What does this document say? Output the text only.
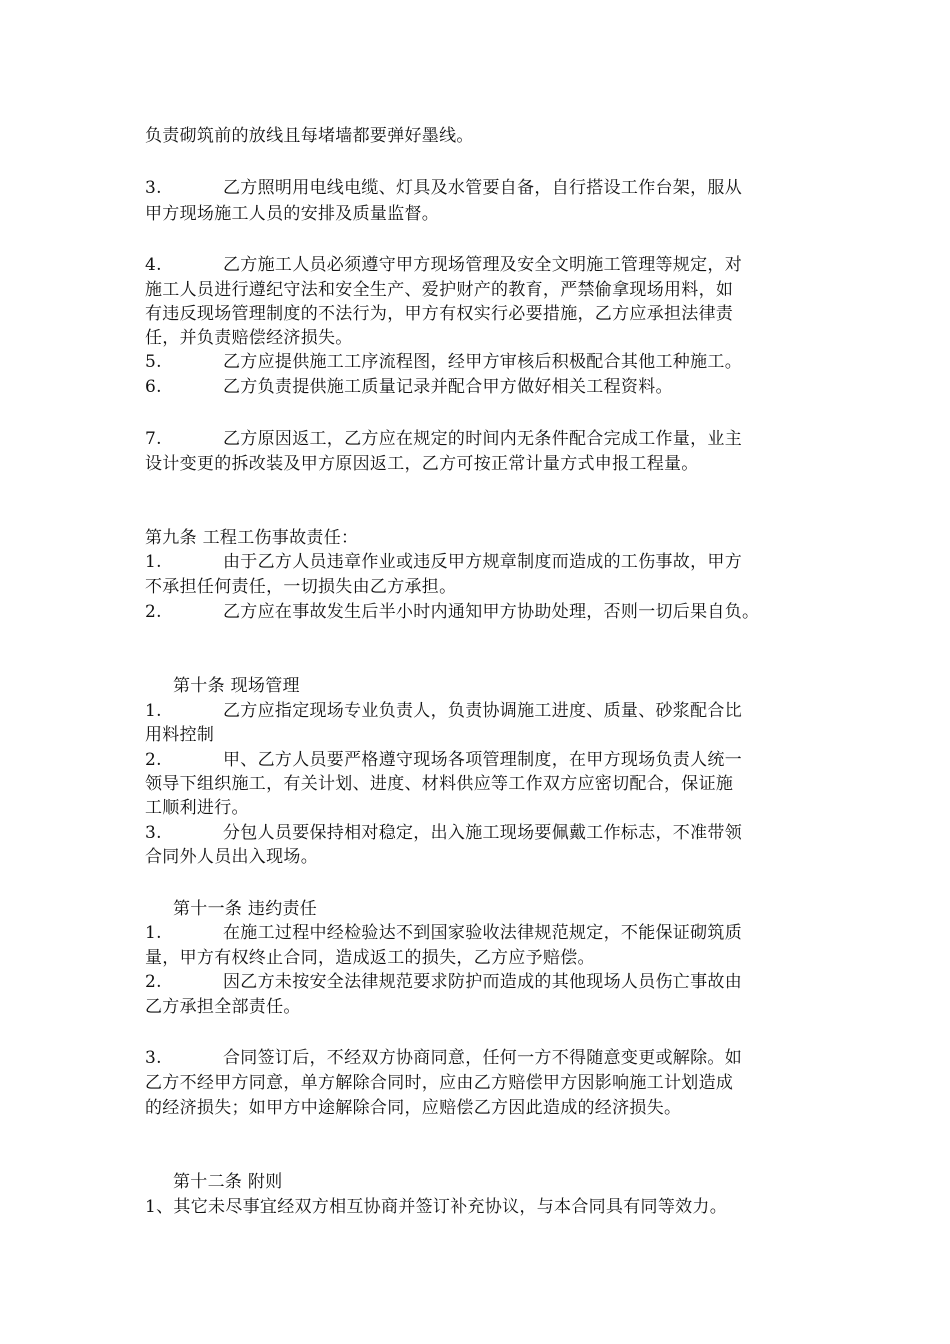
负责砌筑前的放线且每堵墙都要弹好墨线。
3.	乙方照明用电线电缆、灯具及水管要自备，自行搭设工作台架，服从
甲方现场施工人员的安排及质量监督。
4.	乙方施工人员必须遵守甲方现场管理及安全文明施工管理等规定，对
施工人员进行遵纪守法和安全生产、爱护财产的教育，严禁偷拿现场用料，如
有违反现场管理制度的不法行为，甲方有权实行必要措施，乙方应承担法律责
任，并负责赔偿经济损失。
5.	乙方应提供施工工序流程图，经甲方审核后积极配合其他工种施工。
6.	乙方负责提供施工质量记录并配合甲方做好相关工程资料。
7.	乙方原因返工，乙方应在规定的时间内无条件配合完成工作量，业主
设计变更的拆改装及甲方原因返工，乙方可按正常计量方式申报工程量。
第九条 工程工伤事故责任：
1.	由于乙方人员违章作业或违反甲方规章制度而造成的工伤事故，甲方
不承担任何责任，一切损失由乙方承担。
2.	乙方应在事故发生后半小时内通知甲方协助处理，否则一切后果自负。
第十条 现场管理
1.	乙方应指定现场专业负责人，负责协调施工进度、质量、砂浆配合比
用料控制
2.	甲、乙方人员要严格遵守现场各项管理制度，在甲方现场负责人统一
领导下组织施工，有关计划、进度、材料供应等工作双方应密切配合，保证施
工顺利进行。
3.	分包人员要保持相对稳定，出入施工现场要佩戴工作标志，不准带领
合同外人员出入现场。
第十一条 违约责任
1.	在施工过程中经检验达不到国家验收法律规范规定，不能保证砌筑质
量，甲方有权终止合同，造成返工的损失，乙方应予赔偿。
2.	因乙方未按安全法律规范要求防护而造成的其他现场人员伤亡事故由
乙方承担全部责任。
3.	合同签订后，不经双方协商同意，任何一方不得随意变更或解除。如
乙方不经甲方同意，单方解除合同时，应由乙方赔偿甲方因影响施工计划造成
的经济损失；如甲方中途解除合同，应赔偿乙方因此造成的经济损失。
第十二条 附则
1、其它未尽事宜经双方相互协商并签订补充协议，与本合同具有同等效力。
